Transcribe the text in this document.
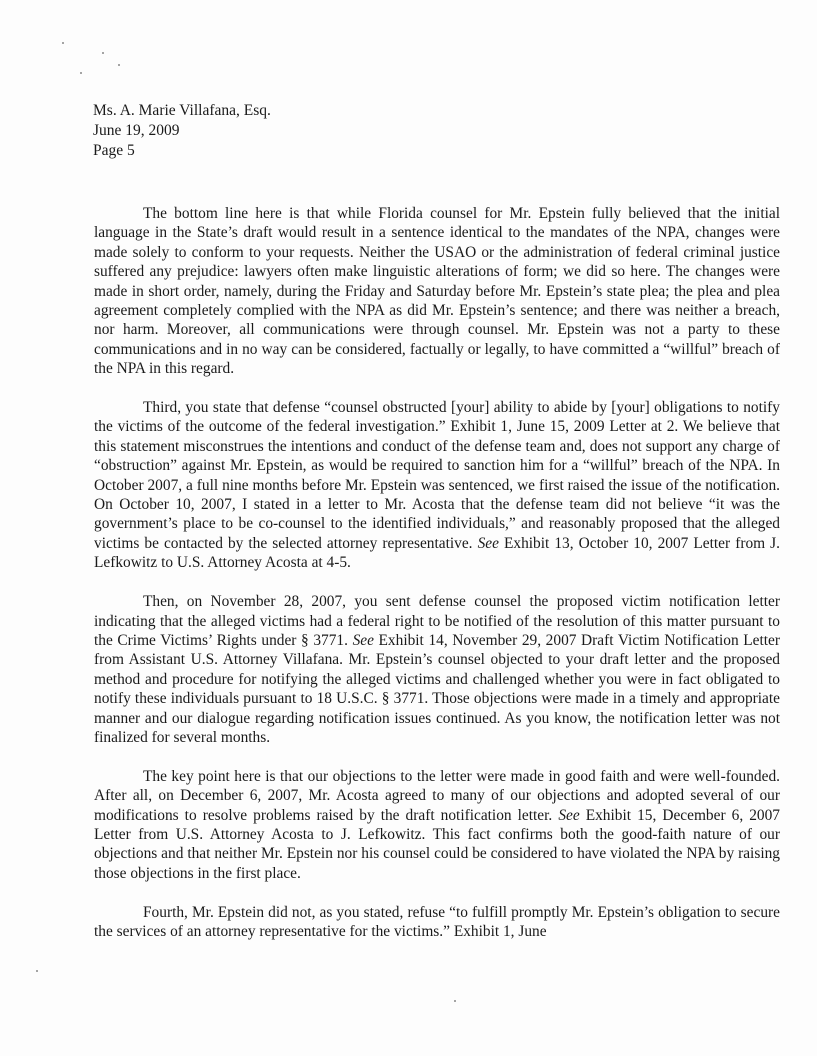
Ms. A. Marie Villafana, Esq.
June 19, 2009
Page 5

The bottom line here is that while Florida counsel for Mr. Epstein fully believed that the initial language in the State’s draft would result in a sentence identical to the mandates of the NPA, changes were made solely to conform to your requests. Neither the USAO or the administration of federal criminal justice suffered any prejudice: lawyers often make linguistic alterations of form; we did so here. The changes were made in short order, namely, during the Friday and Saturday before Mr. Epstein’s state plea; the plea and plea agreement completely complied with the NPA as did Mr. Epstein’s sentence; and there was neither a breach, nor harm. Moreover, all communications were through counsel. Mr. Epstein was not a party to these communications and in no way can be considered, factually or legally, to have committed a “willful” breach of the NPA in this regard.

Third, you state that defense “counsel obstructed [your] ability to abide by [your] obligations to notify the victims of the outcome of the federal investigation.” Exhibit 1, June 15, 2009 Letter at 2. We believe that this statement misconstrues the intentions and conduct of the defense team and, does not support any charge of “obstruction” against Mr. Epstein, as would be required to sanction him for a “willful” breach of the NPA. In October 2007, a full nine months before Mr. Epstein was sentenced, we first raised the issue of the notification. On October 10, 2007, I stated in a letter to Mr. Acosta that the defense team did not believe “it was the government’s place to be co-counsel to the identified individuals,” and reasonably proposed that the alleged victims be contacted by the selected attorney representative. See Exhibit 13, October 10, 2007 Letter from J. Lefkowitz to U.S. Attorney Acosta at 4-5.

Then, on November 28, 2007, you sent defense counsel the proposed victim notification letter indicating that the alleged victims had a federal right to be notified of the resolution of this matter pursuant to the Crime Victims’ Rights under § 3771. See Exhibit 14, November 29, 2007 Draft Victim Notification Letter from Assistant U.S. Attorney Villafana. Mr. Epstein’s counsel objected to your draft letter and the proposed method and procedure for notifying the alleged victims and challenged whether you were in fact obligated to notify these individuals pursuant to 18 U.S.C. § 3771. Those objections were made in a timely and appropriate manner and our dialogue regarding notification issues continued. As you know, the notification letter was not finalized for several months.

The key point here is that our objections to the letter were made in good faith and were well-founded. After all, on December 6, 2007, Mr. Acosta agreed to many of our objections and adopted several of our modifications to resolve problems raised by the draft notification letter. See Exhibit 15, December 6, 2007 Letter from U.S. Attorney Acosta to J. Lefkowitz. This fact confirms both the good-faith nature of our objections and that neither Mr. Epstein nor his counsel could be considered to have violated the NPA by raising those objections in the first place.

Fourth, Mr. Epstein did not, as you stated, refuse “to fulfill promptly Mr. Epstein’s obligation to secure the services of an attorney representative for the victims.” Exhibit 1, June
